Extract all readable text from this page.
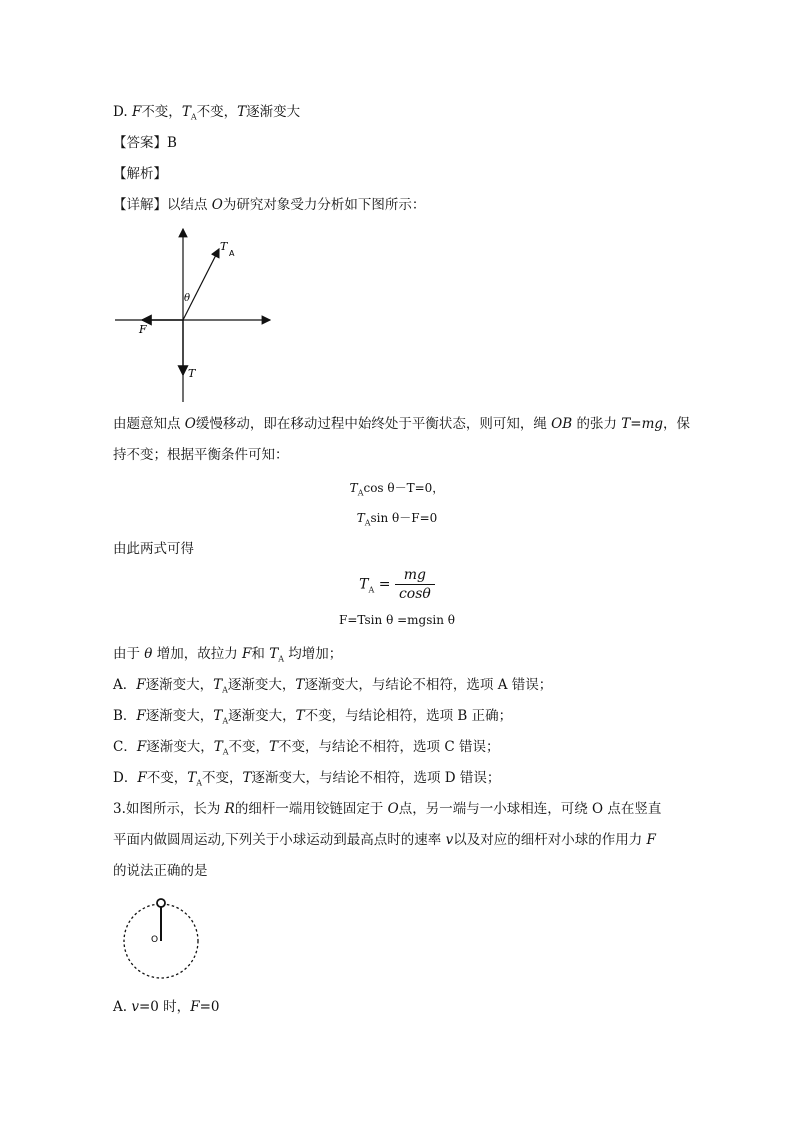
D. F不变，$T_A$不变，T逐渐变大
【答案】B
【解析】
【详解】以结点 O为研究对象受力分析如下图所示：
T
A
θ
F
T
由题意知点 O缓慢移动，即在移动过程中始终处于平衡状态，则可知，绳 OB 的张力 T=mg，保
持不变；根据平衡条件可知：
$T_A\cos$ θ－T=0，
$T_A\sin$ θ－F=0
由此两式可得
$T_A = \frac{mg}{\cos\theta}$
F=Tsin θ =mgsin θ
由于 θ 增加，故拉力 F和 $T_A$ 均增加；
A．F逐渐变大，$T_A$逐渐变大，T逐渐变大，与结论不相符，选项 A 错误；
B．F逐渐变大，$T_A$逐渐变大，T不变，与结论相符，选项 B 正确；
C．F逐渐变大，$T_A$不变，T不变，与结论不相符，选项 C 错误；
D．F不变，$T_A$不变，T逐渐变大，与结论不相符，选项 D 错误；
3.如图所示，长为 R的细杆一端用铰链固定于 O点，另一端与一小球相连，可绕 O 点在竖直
平面内做圆周运动,下列关于小球运动到最高点时的速率 v以及对应的细杆对小球的作用力 F
的说法正确的是
O
A. v=0 时，F=0
